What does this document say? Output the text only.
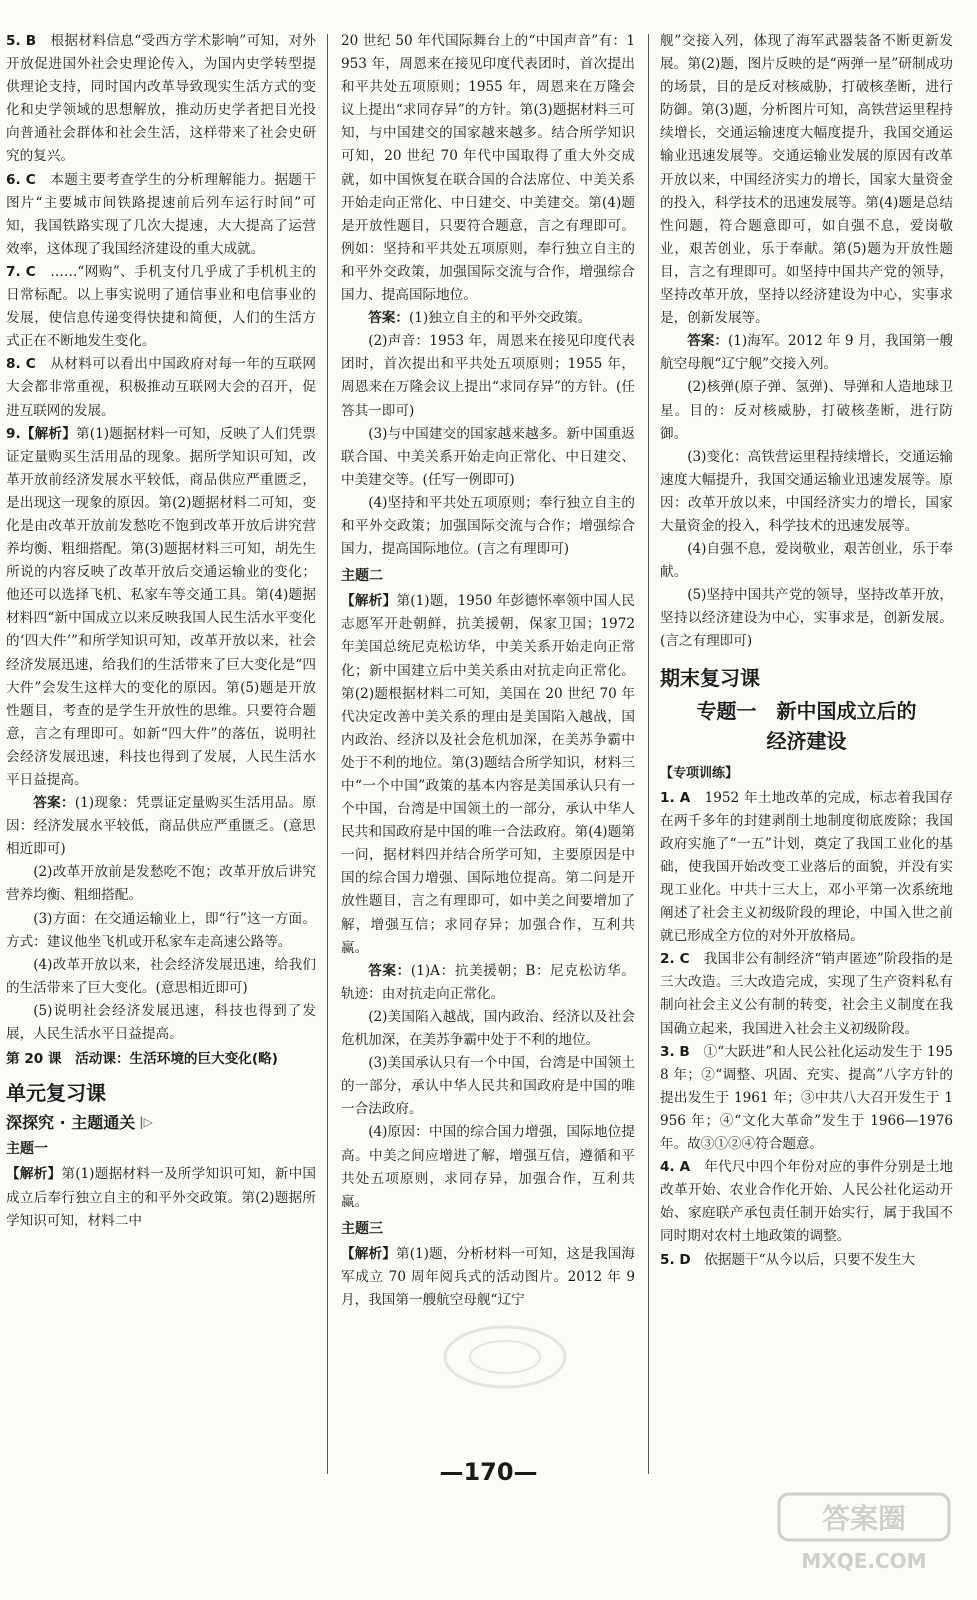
5. B　 根据材料信息“受西方学术影响”可知，对外开放促进国外社会史理论传入，为国内史学转型提供理论支持，同时国内改革导致现实生活方式的变化和史学领域的思想解放，推动历史学者把目光投向普通社会群体和社会生活，这样带来了社会史研究的复兴。

6. C　 本题主要考查学生的分析理解能力。据题干图片“主要城市间铁路提速前后列车运行时间”可知，我国铁路实现了几次大提速，大大提高了运营效率，这体现了我国经济建设的重大成就。

7. C　 ……“网购”、手机支付几乎成了手机机主的日常标配。以上事实说明了通信事业和电信事业的发展，使信息传递变得快捷和简便，人们的生活方式正在不断地发生变化。

8. C　 从材料可以看出中国政府对每一年的互联网大会都非常重视，积极推动互联网大会的召开，促进互联网的发展。

9.【解析】第(1)题据材料一可知，反映了人们凭票证定量购买生活用品的现象。据所学知识可知，改革开放前经济发展水平较低，商品供应严重匮乏，是出现这一现象的原因。第(2)题据材料二可知，变化是由改革开放前发愁吃不饱到改革开放后讲究营养均衡、粗细搭配。第(3)题据材料三可知，胡先生所说的内容反映了改革开放后交通运输业的变化；他还可以选择飞机、私家车等交通工具。第(4)题据材料四“新中国成立以来反映我国人民生活水平变化的‘四大件’”和所学知识可知，改革开放以来，社会经济发展迅速，给我们的生活带来了巨大变化是“四大件”会发生这样大的变化的原因。第(5)题是开放性题目，考查的是学生开放性的思维。只要符合题意，言之有理即可。如新“四大件”的落伍，说明社会经济发展迅速，科技也得到了发展，人民生活水平日益提高。

答案：(1)现象：凭票证定量购买生活用品。原因：经济发展水平较低，商品供应严重匮乏。(意思相近即可)

(2)改革开放前是发愁吃不饱；改革开放后讲究营养均衡、粗细搭配。

(3)方面：在交通运输业上，即“行”这一方面。方式：建议他坐飞机或开私家车走高速公路等。

(4)改革开放以来，社会经济发展迅速，给我们的生活带来了巨大变化。(意思相近即可)

(5)说明社会经济发展迅速，科技也得到了发展，人民生活水平日益提高。

第 20 课　活动课：生活环境的巨大变化(略)

单元复习课
深探究 · 主题通关 |▷
主题一

【解析】第(1)题据材料一及所学知识可知，新中国成立后奉行独立自主的和平外交政策。第(2)题据所学知识可知，材料二中

20 世纪 50 年代国际舞台上的“中国声音”有：1953 年，周恩来在接见印度代表团时，首次提出和平共处五项原则；1955 年，周恩来在万隆会议上提出“求同存异”的方针。第(3)题据材料三可知，与中国建交的国家越来越多。结合所学知识可知，20 世纪 70 年代中国取得了重大外交成就，如中国恢复在联合国的合法席位、中美关系开始走向正常化、中日建交、中美建交。第(4)题是开放性题目，只要符合题意，言之有理即可。例如：坚持和平共处五项原则，奉行独立自主的和平外交政策，加强国际交流与合作，增强综合国力、提高国际地位。

答案：(1)独立自主的和平外交政策。

(2)声音：1953 年，周恩来在接见印度代表团时，首次提出和平共处五项原则；1955 年，周恩来在万隆会议上提出“求同存异”的方针。(任答其一即可)

(3)与中国建交的国家越来越多。新中国重返联合国、中美关系开始走向正常化、中日建交、中美建交等。(任写一例即可)

(4)坚持和平共处五项原则；奉行独立自主的和平外交政策；加强国际交流与合作；增强综合国力，提高国际地位。(言之有理即可)

主题二

【解析】第(1)题，1950 年彭德怀率领中国人民志愿军开赴朝鲜，抗美援朝，保家卫国；1972 年美国总统尼克松访华，中美关系开始走向正常化；新中国建立后中美关系由对抗走向正常化。第(2)题根据材料二可知，美国在 20 世纪 70 年代决定改善中美关系的理由是美国陷入越战，国内政治、经济以及社会危机加深，在美苏争霸中处于不利的地位。第(3)题结合所学知识，材料三中“一个中国”政策的基本内容是美国承认只有一个中国，台湾是中国领土的一部分，承认中华人民共和国政府是中国的唯一合法政府。第(4)题第一问，据材料四并结合所学可知，主要原因是中国的综合国力增强、国际地位提高。第二问是开放性题目，言之有理即可，如中美之间要增加了解，增强互信；求同存异；加强合作，互利共赢。

答案：(1)A：抗美援朝；B：尼克松访华。轨迹：由对抗走向正常化。

(2)美国陷入越战，国内政治、经济以及社会危机加深，在美苏争霸中处于不利的地位。

(3)美国承认只有一个中国，台湾是中国领土的一部分，承认中华人民共和国政府是中国的唯一合法政府。

(4)原因：中国的综合国力增强，国际地位提高。中美之间应增进了解，增强互信，遵循和平共处五项原则，求同存异，加强合作，互利共赢。

主题三

【解析】第(1)题，分析材料一可知，这是我国海军成立 70 周年阅兵式的活动图片。2012 年 9 月，我国第一艘航空母舰“辽宁

舰”交接入列，体现了海军武器装备不断更新发展。第(2)题，图片反映的是“两弹一星”研制成功的场景，目的是反对核威胁，打破核垄断，进行防御。第(3)题，分析图片可知，高铁营运里程持续增长，交通运输速度大幅度提升，我国交通运输业迅速发展等。交通运输业发展的原因有改革开放以来，中国经济实力的增长，国家大量资金的投入，科学技术的迅速发展等。第(4)题是总结性问题，符合题意即可，如自强不息，爱岗敬业，艰苦创业，乐于奉献。第(5)题为开放性题目，言之有理即可。如坚持中国共产党的领导，坚持改革开放，坚持以经济建设为中心，实事求是，创新发展等。

答案：(1)海军。2012 年 9 月，我国第一艘航空母舰“辽宁舰”交接入列。

(2)核弹(原子弹、氢弹)、导弹和人造地球卫星。目的：反对核威胁，打破核垄断，进行防御。

(3)变化：高铁营运里程持续增长，交通运输速度大幅提升，我国交通运输业迅速发展等。原因：改革开放以来，中国经济实力的增长，国家大量资金的投入，科学技术的迅速发展等。

(4)自强不息，爱岗敬业，艰苦创业，乐于奉献。

(5)坚持中国共产党的领导，坚持改革开放，坚持以经济建设为中心，实事求是，创新发展。(言之有理即可)

期末复习课
专题一　新中国成立后的
经济建设
【专项训练】

1. A　 1952 年土地改革的完成，标志着我国存在两千多年的封建剥削土地制度彻底废除；我国政府实施了“一五”计划，奠定了我国工业化的基础，使我国开始改变工业落后的面貌，并没有实现工业化。中共十三大上，邓小平第一次系统地阐述了社会主义初级阶段的理论，中国入世之前就已形成全方位的对外开放格局。

2. C　 我国非公有制经济“销声匿迹”阶段指的是三大改造。三大改造完成，实现了生产资料私有制向社会主义公有制的转变，社会主义制度在我国确立起来，我国进入社会主义初级阶段。

3. B　 ①“大跃进”和人民公社化运动发生于 1958 年；②“调整、巩固、充实、提高”八字方针的提出发生于 1961 年；③中共八大召开发生于 1956 年；④“文化大革命”发生于 1966—1976 年。故③①②④符合题意。

4. A　 年代尺中四个年份对应的事件分别是土地改革开始、农业合作化开始、人民公社化运动开始、家庭联产承包责任制开始实行，属于我国不同时期对农村土地政策的调整。

5. D　 依据题干“从今以后，只要不发生大

—170—
答案圈
MXQE.COM
